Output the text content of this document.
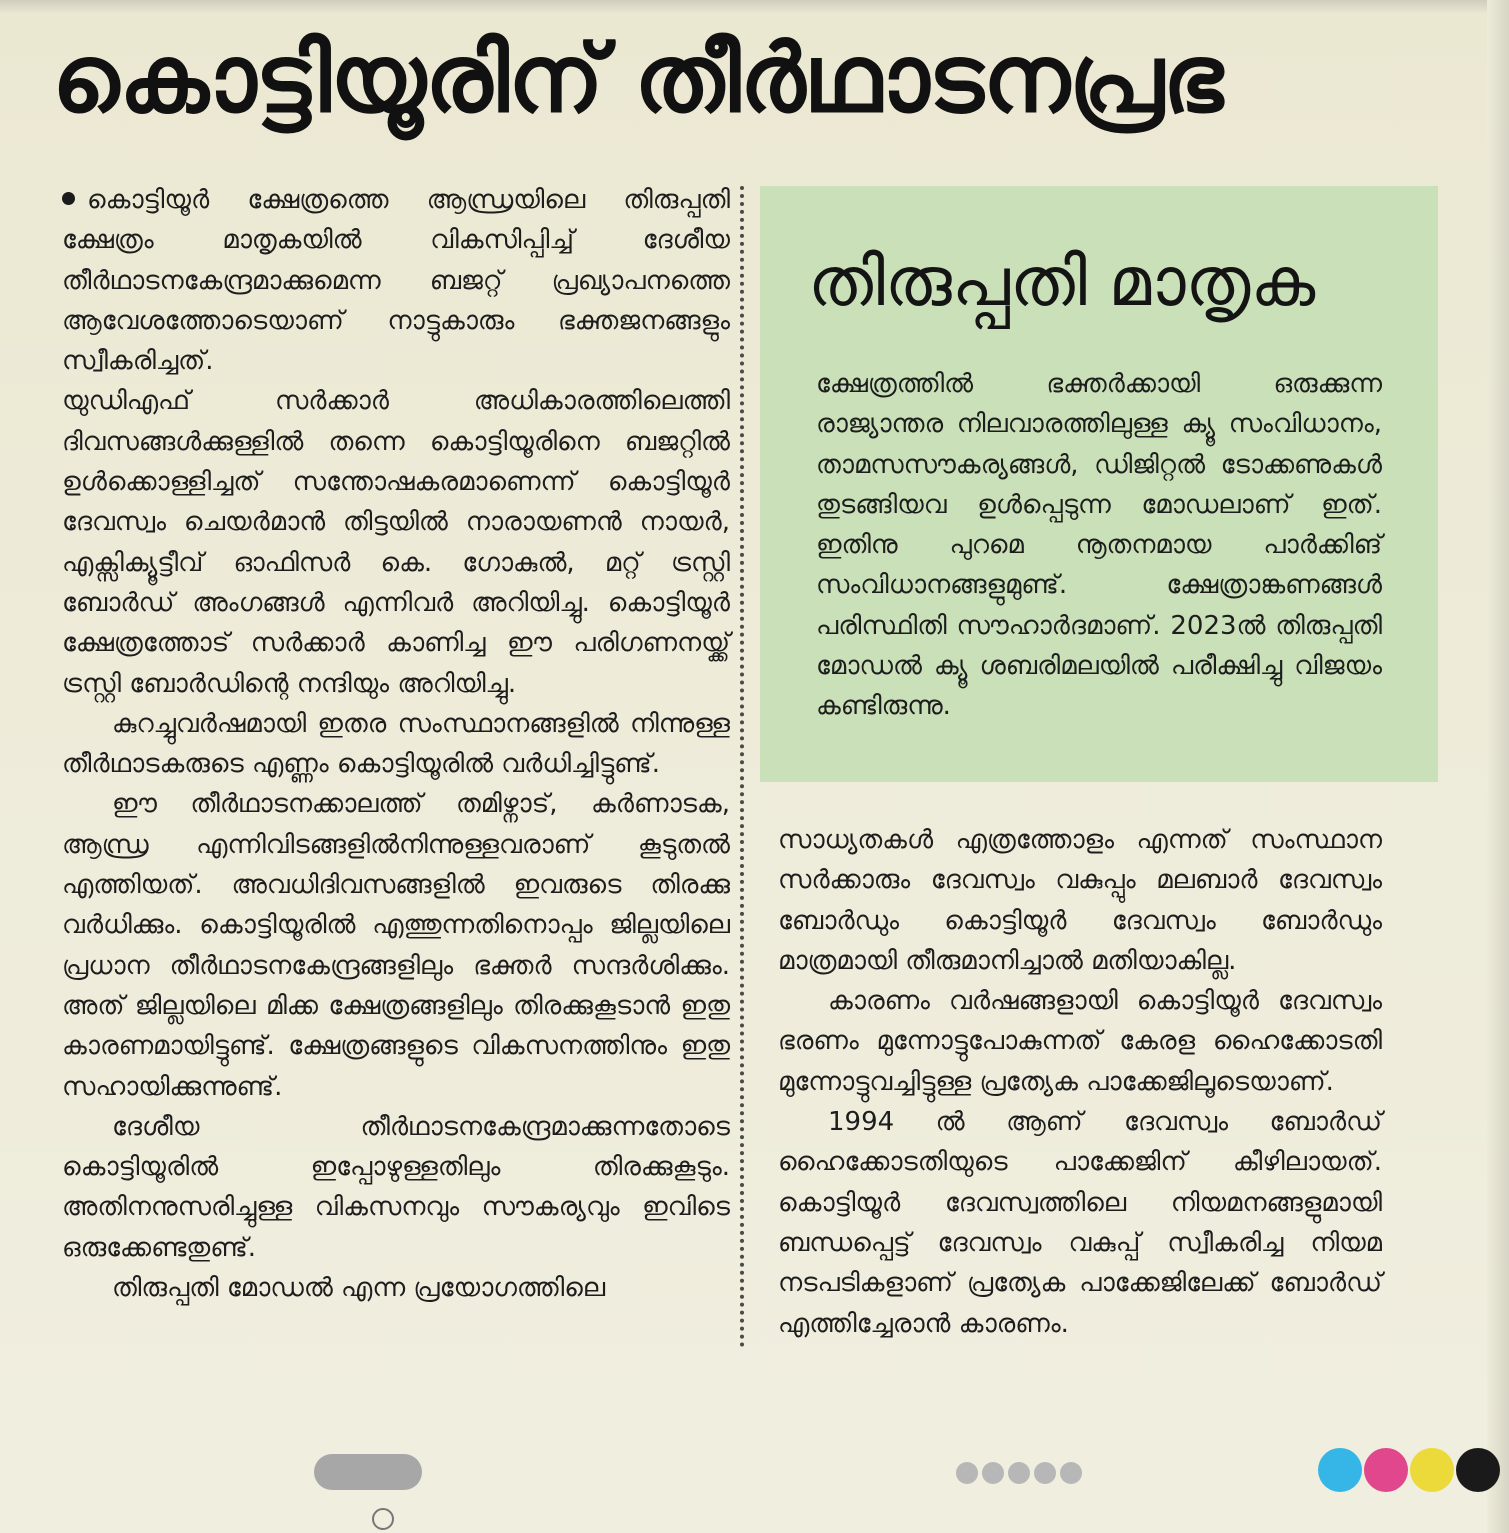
കൊട്ടിയൂരിന് തീർഥാടനപ്രഭ

കൊട്ടിയൂർ ക്ഷേത്രത്തെ ആന്ധ്രയിലെ തിരുപ്പതി ക്ഷേത്രം മാതൃകയിൽ വികസിപ്പിച്ച് ദേശീയ തീർഥാടനകേന്ദ്രമാക്കുമെന്ന ബജറ്റ് പ്രഖ്യാപനത്തെ ആവേശത്തോടെയാണ് നാട്ടുകാരും ഭക്തജനങ്ങളും സ്വീകരിച്ചത്.

യുഡിഎഫ് സർക്കാർ അധികാരത്തിലെത്തി ദിവസങ്ങൾക്കുള്ളിൽ തന്നെ കൊട്ടിയൂരിനെ ബജറ്റിൽ ഉൾക്കൊള്ളിച്ചത് സന്തോഷകരമാണെന്ന് കൊട്ടിയൂർ ദേവസ്വം ചെയർമാൻ തിട്ടയിൽ നാരായണൻ നായർ, എക്സിക്യൂട്ടീവ് ഓഫിസർ കെ. ഗോകുൽ, മറ്റ് ട്രസ്റ്റി ബോർഡ് അംഗങ്ങൾ എന്നിവർ അറിയിച്ചു. കൊട്ടിയൂർ ക്ഷേത്രത്തോട് സർക്കാർ കാണിച്ച ഈ പരിഗണനയ്ക്ക് ട്രസ്റ്റി ബോർഡിന്റെ നന്ദിയും അറിയിച്ചു.

കുറച്ചുവർഷമായി ഇതര സംസ്ഥാനങ്ങളിൽ നിന്നുള്ള തീർഥാടകരുടെ എണ്ണം കൊട്ടിയൂരിൽ വർധിച്ചിട്ടുണ്ട്.

ഈ തീർഥാടനക്കാലത്ത് തമിഴ്നാട്, കർണാടക, ആന്ധ്ര എന്നിവിടങ്ങളിൽനിന്നുള്ളവരാണ് കൂടുതൽ എത്തിയത്. അവധിദിവസങ്ങളിൽ ഇവരുടെ തിരക്കു വർധിക്കും. കൊട്ടിയൂരിൽ എത്തുന്നതിനൊപ്പം ജില്ലയിലെ പ്രധാന തീർഥാടനകേന്ദ്രങ്ങളിലും ഭക്തർ സന്ദർശിക്കും. അത് ജില്ലയിലെ മിക്ക ക്ഷേത്രങ്ങളിലും തിരക്കുകൂടാൻ ഇതു കാരണമായിട്ടുണ്ട്. ക്ഷേത്രങ്ങളുടെ വികസനത്തിനും ഇതു സഹായിക്കുന്നുണ്ട്.

ദേശീയ തീർഥാടനകേന്ദ്രമാക്കുന്നതോടെ കൊട്ടിയൂരിൽ ഇപ്പോഴുള്ളതിലും തിരക്കുകൂടും. അതിനനുസരിച്ചുള്ള വികസനവും സൗകര്യവും ഇവിടെ ഒരുക്കേണ്ടതുണ്ട്.

തിരുപ്പതി മോഡൽ എന്ന പ്രയോഗത്തിലെ

തിരുപ്പതി മാതൃക

ക്ഷേത്രത്തിൽ ഭക്തർക്കായി ഒരുക്കുന്ന രാജ്യാന്തര നിലവാരത്തിലുള്ള ക്യൂ സംവിധാനം, താമസസൗകര്യങ്ങൾ, ഡിജിറ്റൽ ടോക്കണുകൾ തുടങ്ങിയവ ഉൾപ്പെടുന്ന മോഡലാണ് ഇത്. ഇതിനു പുറമെ നൂതനമായ പാർക്കിങ് സംവിധാനങ്ങളുമുണ്ട്. ക്ഷേത്രാങ്കണങ്ങൾ പരിസ്ഥിതി സൗഹാർദമാണ്. 2023ൽ തിരുപ്പതി മോഡൽ ക്യൂ ശബരിമലയിൽ പരീക്ഷിച്ചു വിജയം കണ്ടിരുന്നു.

സാധ്യതകൾ എത്രത്തോളം എന്നത് സംസ്ഥാന സർക്കാരും ദേവസ്വം വകുപ്പും മലബാർ ദേവസ്വം ബോർഡും കൊട്ടിയൂർ ദേവസ്വം ബോർഡും മാത്രമായി തീരുമാനിച്ചാൽ മതിയാകില്ല.

കാരണം വർഷങ്ങളായി കൊട്ടിയൂർ ദേവസ്വം ഭരണം മുന്നോട്ടുപോകുന്നത് കേരള ഹൈക്കോടതി മുന്നോട്ടുവച്ചിട്ടുള്ള പ്രത്യേക പാക്കേജിലൂടെയാണ്.

1994 ൽ ആണ് ദേവസ്വം ബോർഡ് ഹൈക്കോടതിയുടെ പാക്കേജിന് കീഴിലായത്. കൊട്ടിയൂർ ദേവസ്വത്തിലെ നിയമനങ്ങളുമായി ബന്ധപ്പെട്ട് ദേവസ്വം വകുപ്പ് സ്വീകരിച്ച നിയമ നടപടികളാണ് പ്രത്യേക പാക്കേജിലേക്ക് ബോർഡ് എത്തിച്ചേരാൻ കാരണം.
